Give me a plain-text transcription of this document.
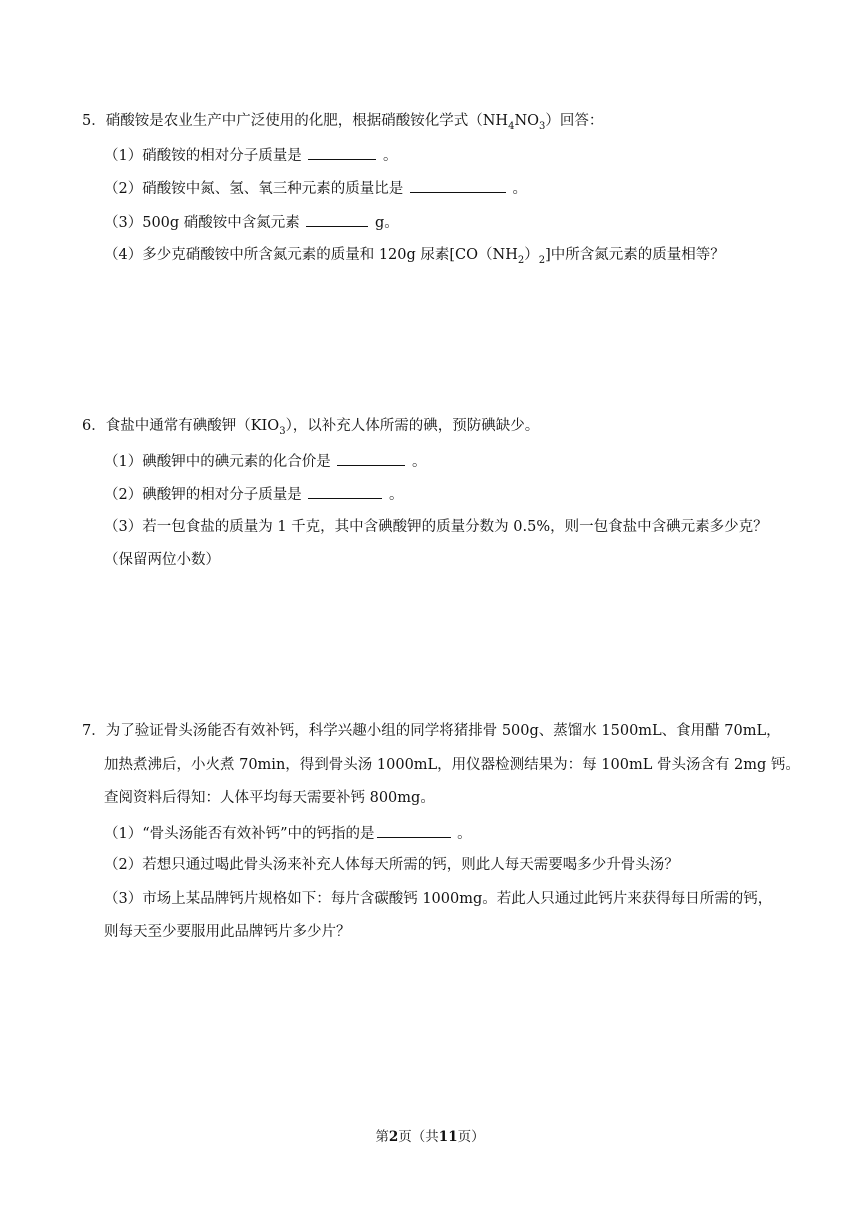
5．硝酸铵是农业生产中广泛使用的化肥，根据硝酸铵化学式$(NH_4NO_3)$回答：
（1）硝酸铵的相对分子质量是	。
（2）硝酸铵中氮、氢、氧三种元素的质量比是	。
（3）500g 硝酸铵中含氮元素	g。
（4）多少克硝酸铵中所含氮元素的质量和 120g 尿素$[CO(NH_2)_2]$中所含氮元素的质量相等？
6．食盐中通常有碘酸钾$(KIO_3)$，以补充人体所需的碘，预防碘缺少。
（1）碘酸钾中的碘元素的化合价是	。
（2）碘酸钾的相对分子质量是	。
（3）若一包食盐的质量为 1 千克，其中含碘酸钾的质量分数为 0.5%，则一包食盐中含碘元素多少克？
（保留两位小数）
7．为了验证骨头汤能否有效补钙，科学兴趣小组的同学将猪排骨 500g、蒸馏水 1500mL、食用醋 70mL，
加热煮沸后，小火煮 70min，得到骨头汤 1000mL，用仪器检测结果为：每 100mL 骨头汤含有 2mg 钙。
查阅资料后得知：人体平均每天需要补钙 800mg。
（1）“骨头汤能否有效补钙”中的钙指的是	。
（2）若想只通过喝此骨头汤来补充人体每天所需的钙，则此人每天需要喝多少升骨头汤？
（3）市场上某品牌钙片规格如下：每片含碳酸钙 1000mg。若此人只通过此钙片来获得每日所需的钙，
则每天至少要服用此品牌钙片多少片？
第2页（共11页）
